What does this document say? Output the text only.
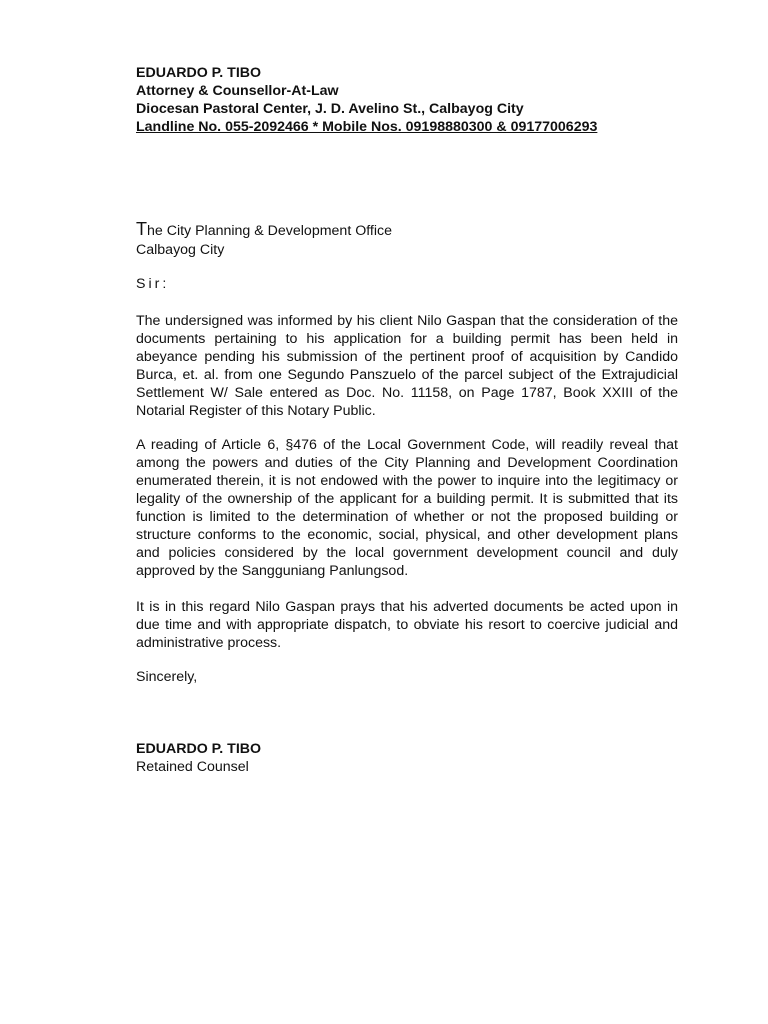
EDUARDO P. TIBO
Attorney & Counsellor-At-Law
Diocesan Pastoral Center, J. D. Avelino St., Calbayog City
Landline No. 055-2092466 * Mobile Nos. 09198880300 & 09177006293
The City Planning & Development Office
Calbayog City
Sir:

The undersigned was informed by his client Nilo Gaspan that the consideration of the documents pertaining to his application for a building permit has been held in abeyance pending his submission of the pertinent proof of acquisition by Candido Burca, et. al. from one Segundo Panszuelo of the parcel subject of the Extrajudicial Settlement W/ Sale entered as Doc. No. 11158, on Page 1787, Book XXIII of the Notarial Register of this Notary Public.

A reading of Article 6, §476 of the Local Government Code, will readily reveal that among the powers and duties of the City Planning and Development Coordination enumerated therein, it is not endowed with the power to inquire into the legitimacy or legality of the ownership of the applicant for a building permit. It is submitted that its function is limited to the determination of whether or not the proposed building or structure conforms to the economic, social, physical, and other development plans and policies considered by the local government development council and duly approved by the Sangguniang Panlungsod.

It is in this regard Nilo Gaspan prays that his adverted documents be acted upon in due time and with appropriate dispatch, to obviate his resort to coercive judicial and administrative process.

Sincerely,
EDUARDO P. TIBO
Retained Counsel
